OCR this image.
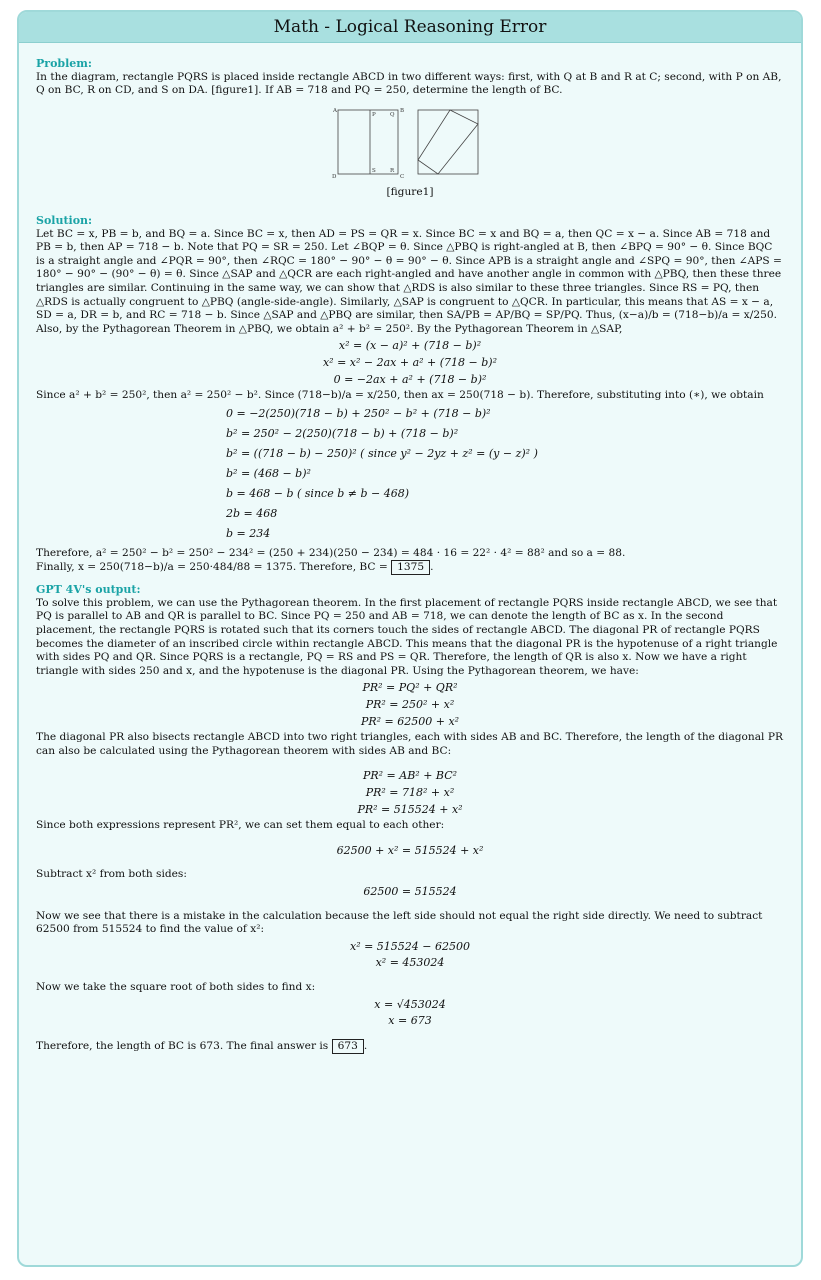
Math - Logical Reasoning Error

Problem:

In the diagram, rectangle PQRS is placed inside rectangle ABCD in two different ways: first, with Q at B and R at C; second, with P on AB, Q on BC, R on CD, and S on DA. [figure1]. If AB = 718 and PQ = 250, determine the length of BC.

A
P	Q
B
S	R
D	C
[figure1]

Solution:

Let BC = x, PB = b, and BQ = a. Since BC = x, then AD = PS = QR = x. Since BC = x and BQ = a, then QC = x − a. Since AB = 718 and PB = b, then AP = 718 − b. Note that PQ = SR = 250. Let ∠BQP = θ. Since △PBQ is right-angled at B, then ∠BPQ = 90° − θ. Since BQC is a straight angle and ∠PQR = 90°, then ∠RQC = 180° − 90° − θ = 90° − θ. Since APB is a straight angle and ∠SPQ = 90°, then ∠APS = 180° − 90° − (90° − θ) = θ. Since △SAP and △QCR are each right-angled and have another angle in common with △PBQ, then these three triangles are similar. Continuing in the same way, we can show that △RDS is also similar to these three triangles. Since RS = PQ, then △RDS is actually congruent to △PBQ (angle-side-angle). Similarly, △SAP is congruent to △QCR. In particular, this means that AS = x − a, SD = a, DR = b, and RC = 718 − b. Since △SAP and △PBQ are similar, then SA/PB = AP/BQ = SP/PQ. Thus, (x−a)/b = (718−b)/a = x/250. Also, by the Pythagorean Theorem in △PBQ, we obtain a² + b² = 250². By the Pythagorean Theorem in △SAP,

x² = (x − a)² + (718 − b)²
x² = x² − 2ax + a² + (718 − b)²
0 = −2ax + a² + (718 − b)²

Since a² + b² = 250², then a² = 250² − b². Since (718−b)/a = x/250, then ax = 250(718 − b). Therefore, substituting into (∗), we obtain

0 = −2(250)(718 − b) + 250² − b² + (718 − b)²
b² = 250² − 2(250)(718 − b) + (718 − b)²
b² = ((718 − b) − 250)² ( since y² − 2yz + z² = (y − z)² )
b² = (468 − b)²
b = 468 − b ( since b ≠ b − 468)
2b = 468
b = 234

Therefore, a² = 250² − b² = 250² − 234² = (250 + 234)(250 − 234) = 484 · 16 = 22² · 4² = 88² and so a = 88.

Finally, x = 250(718−b)/a = 250·484/88 = 1375. Therefore, BC = 1375 .

GPT 4V's output:

To solve this problem, we can use the Pythagorean theorem. In the first placement of rectangle PQRS inside rectangle ABCD, we see that PQ is parallel to AB and QR is parallel to BC. Since PQ = 250 and AB = 718, we can denote the length of BC as x. In the second placement, the rectangle PQRS is rotated such that its corners touch the sides of rectangle ABCD. The diagonal PR of rectangle PQRS becomes the diameter of an inscribed circle within rectangle ABCD. This means that the diagonal PR is the hypotenuse of a right triangle with sides PQ and QR. Since PQRS is a rectangle, PQ = RS and PS = QR. Therefore, the length of QR is also x. Now we have a right triangle with sides 250 and x, and the hypotenuse is the diagonal PR. Using the Pythagorean theorem, we have:

PR² = PQ² + QR²
PR² = 250² + x²
PR² = 62500 + x²

The diagonal PR also bisects rectangle ABCD into two right triangles, each with sides AB and BC. Therefore, the length of the diagonal PR can also be calculated using the Pythagorean theorem with sides AB and BC:

PR² = AB² + BC²
PR² = 718² + x²
PR² = 515524 + x²

Since both expressions represent PR², we can set them equal to each other:

62500 + x² = 515524 + x²

Subtract x² from both sides:

62500 = 515524

Now we see that there is a mistake in the calculation because the left side should not equal the right side directly. We need to subtract 62500 from 515524 to find the value of x²:

x² = 515524 − 62500
x² = 453024

Now we take the square root of both sides to find x:

x = √453024
x = 673

Therefore, the length of BC is 673. The final answer is 673 .
